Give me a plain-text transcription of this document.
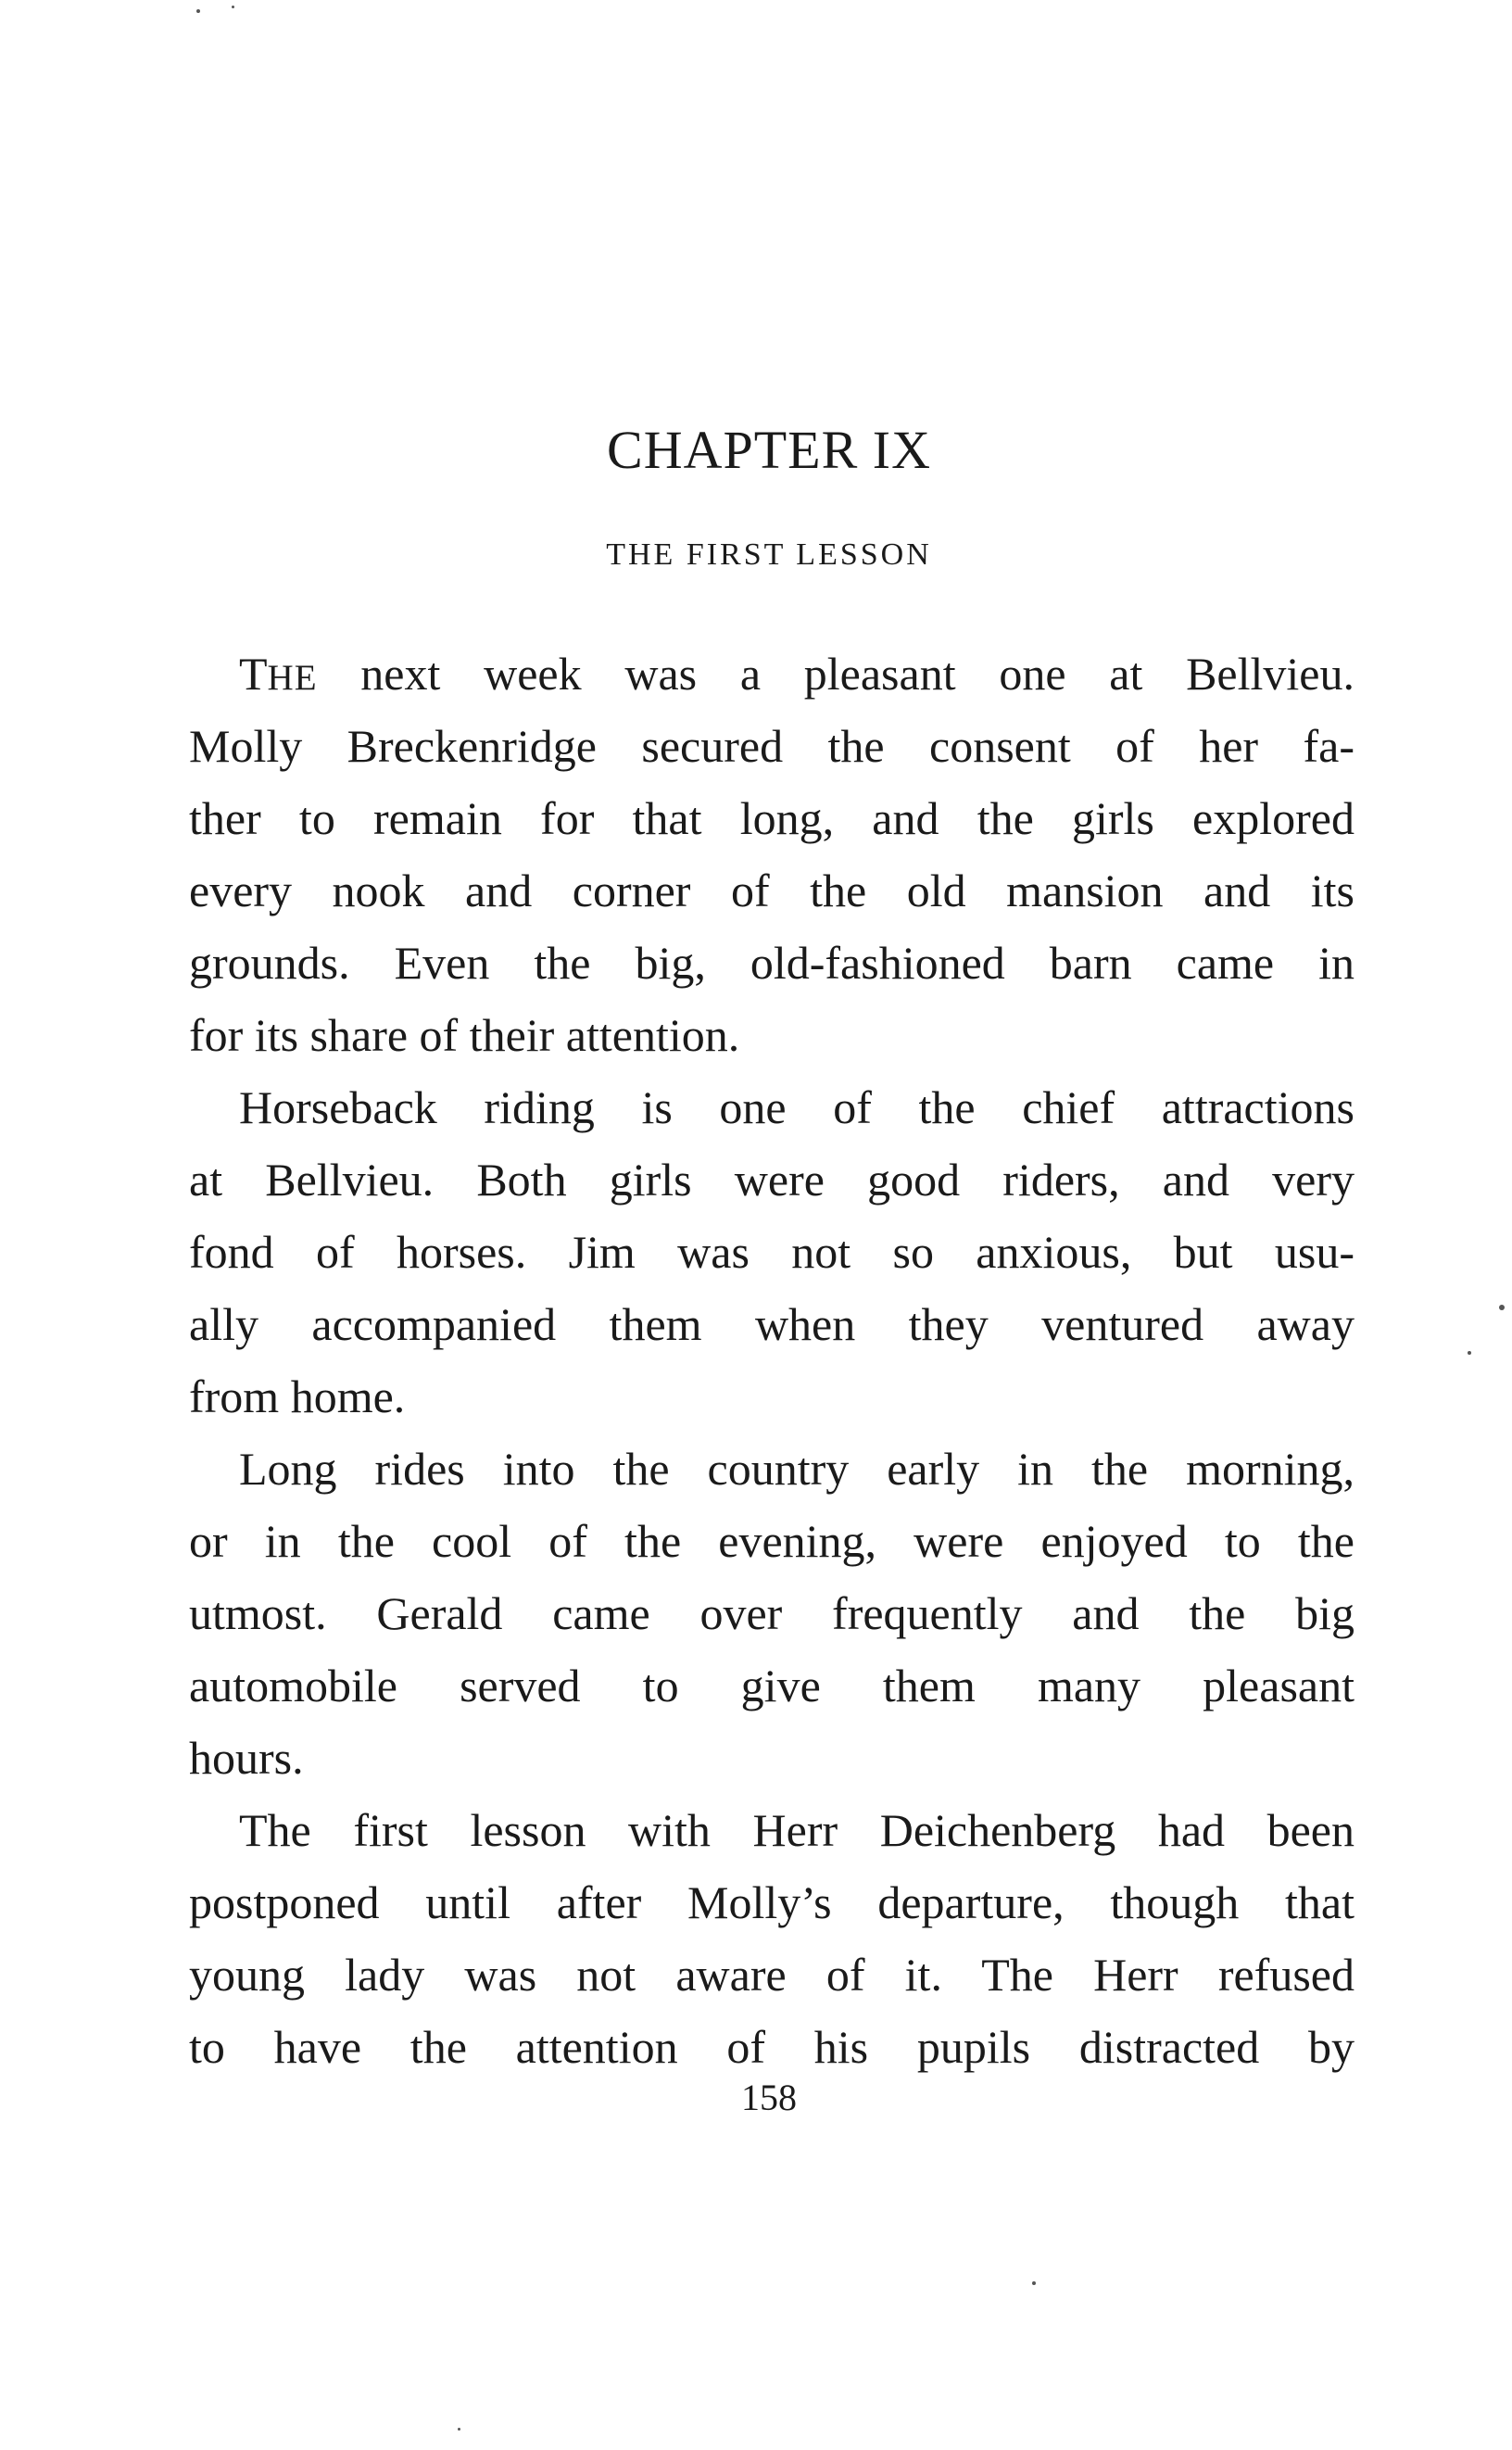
CHAPTER IX
THE FIRST LESSON
THE next week was a pleasant one at Bellvieu.
Molly Breckenridge secured the consent of her fa-
ther to remain for that long, and the girls explored
every nook and corner of the old mansion and its
grounds. Even the big, old-fashioned barn came in
for its share of their attention.
Horseback riding is one of the chief attractions
at Bellvieu. Both girls were good riders, and very
fond of horses. Jim was not so anxious, but usu-
ally accompanied them when they ventured away
from home.
Long rides into the country early in the morning,
or in the cool of the evening, were enjoyed to the
utmost. Gerald came over frequently and the big
automobile served to give them many pleasant
hours.
The first lesson with Herr Deichenberg had been
postponed until after Molly’s departure, though that
young lady was not aware of it. The Herr refused
to have the attention of his pupils distracted by

158
